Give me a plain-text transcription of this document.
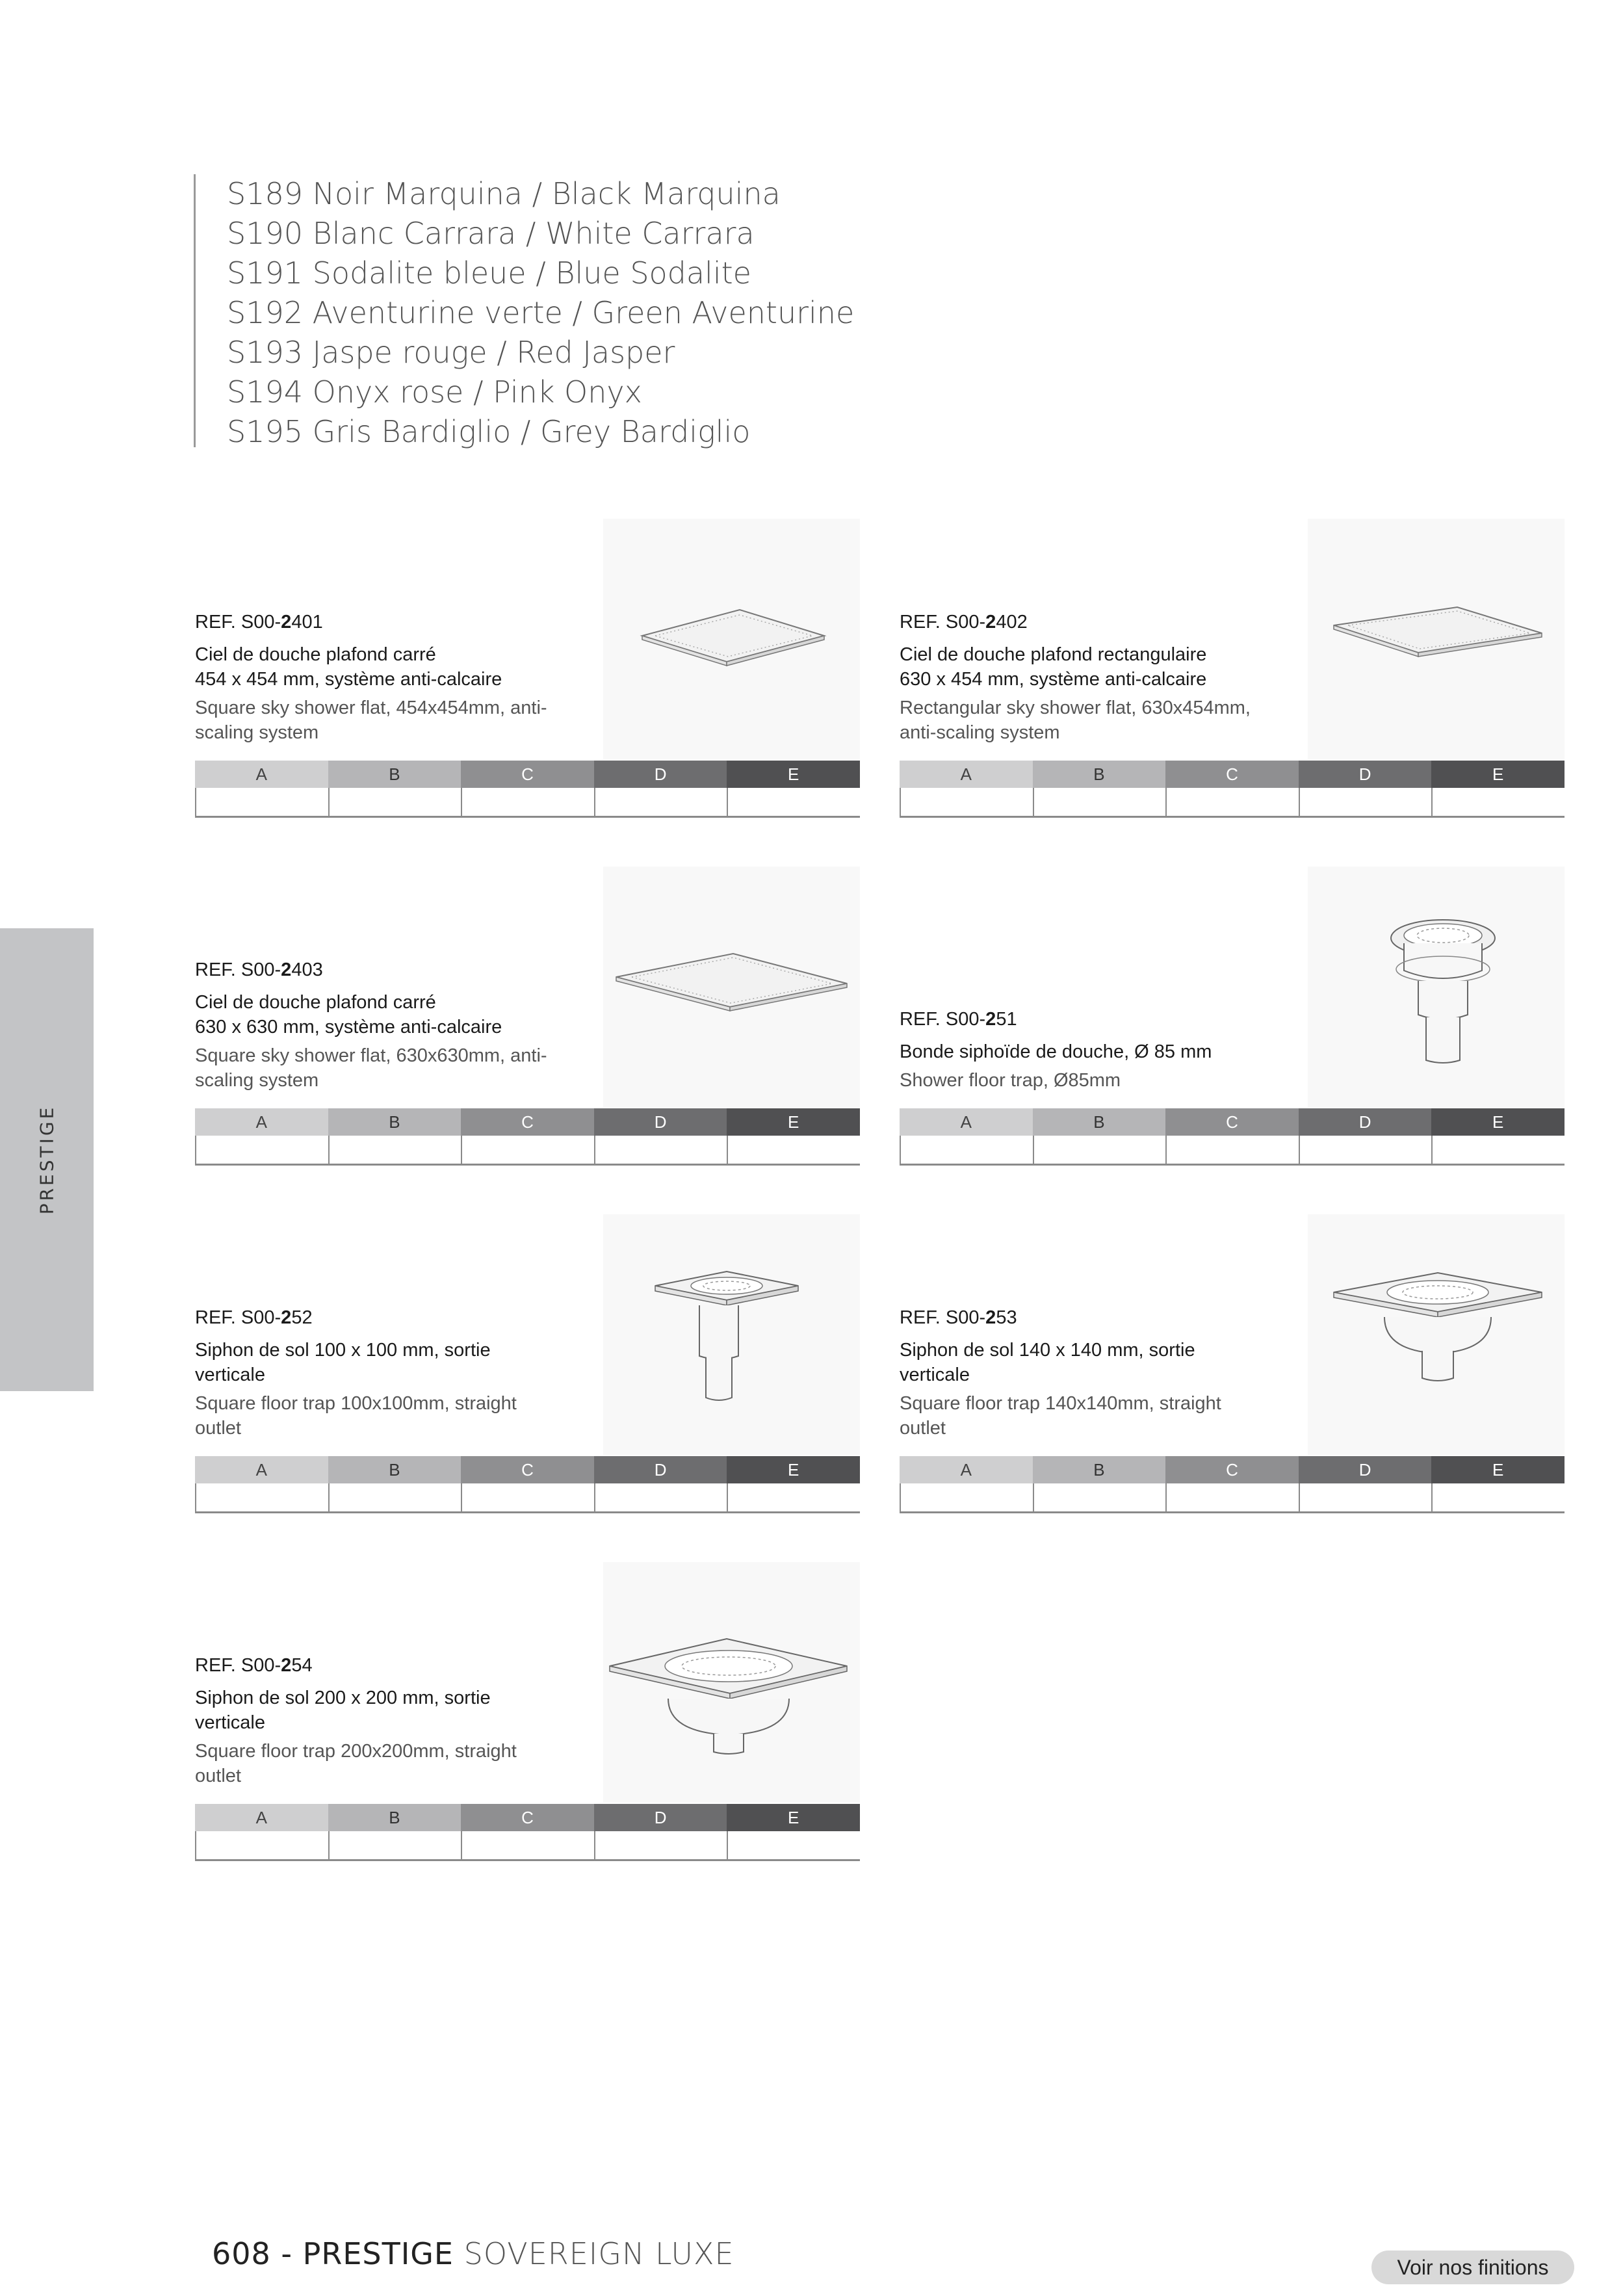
S189 Noir Marquina / Black Marquina
S190 Blanc Carrara / White Carrara
S191 Sodalite bleue / Blue Sodalite
S192 Aventurine verte / Green Aventurine
S193 Jaspe rouge / Red Jasper
S194 Onyx rose / Pink Onyx
S195 Gris Bardiglio / Grey Bardiglio
PRESTIGE
REF. S00-2401
Ciel de douche plafond carré
454 x 454 mm, système anti-calcaire
Square sky shower flat, 454x454mm, anti-
scaling system
A	B	C	D	E
REF. S00-2402
Ciel de douche plafond rectangulaire
630 x 454 mm, système anti-calcaire
Rectangular sky shower flat, 630x454mm,
anti-scaling system
A	B	C	D	E
REF. S00-2403
Ciel de douche plafond carré
630 x 630 mm, système anti-calcaire
Square sky shower flat, 630x630mm, anti-
scaling system
A	B	C	D	E
REF. S00-251
Bonde siphoïde de douche, Ø 85 mm
Shower floor trap, Ø85mm
A	B	C	D	E
REF. S00-252
Siphon de sol 100 x 100 mm, sortie
verticale
Square floor trap 100x100mm, straight
outlet
A	B	C	D	E
REF. S00-253
Siphon de sol 140 x 140 mm, sortie
verticale
Square floor trap 140x140mm, straight
outlet
A	B	C	D	E
REF. S00-254
Siphon de sol 200 x 200 mm, sortie
verticale
Square floor trap 200x200mm, straight
outlet
A	B	C	D	E
608 - PRESTIGE SOVEREIGN LUXE	Voir nos finitions
